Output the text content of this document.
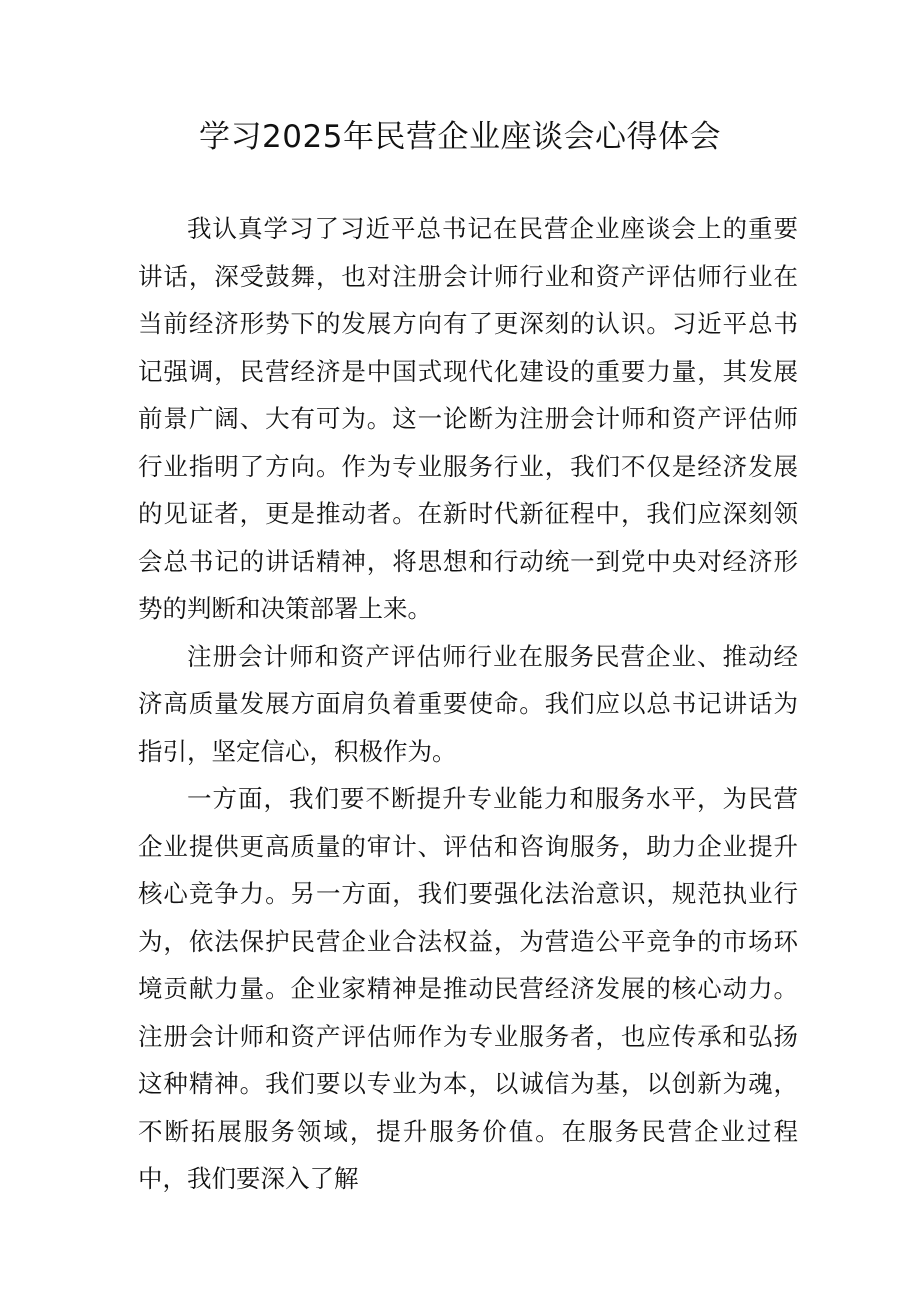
学习2025年民营企业座谈会心得体会

我认真学习了习近平总书记在民营企业座谈会上的重要讲话，深受鼓舞，也对注册会计师行业和资产评估师行业在当前经济形势下的发展方向有了更深刻的认识。习近平总书记强调，民营经济是中国式现代化建设的重要力量，其发展前景广阔、大有可为。这一论断为注册会计师和资产评估师行业指明了方向。作为专业服务行业，我们不仅是经济发展的见证者，更是推动者。在新时代新征程中，我们应深刻领会总书记的讲话精神，将思想和行动统一到党中央对经济形势的判断和决策部署上来。

注册会计师和资产评估师行业在服务民营企业、推动经济高质量发展方面肩负着重要使命。我们应以总书记讲话为指引，坚定信心，积极作为。

一方面，我们要不断提升专业能力和服务水平，为民营企业提供更高质量的审计、评估和咨询服务，助力企业提升核心竞争力。另一方面，我们要强化法治意识，规范执业行为，依法保护民营企业合法权益，为营造公平竞争的市场环境贡献力量。企业家精神是推动民营经济发展的核心动力。注册会计师和资产评估师作为专业服务者，也应传承和弘扬这种精神。我们要以专业为本，以诚信为基，以创新为魂，不断拓展服务领域，提升服务价值。在服务民营企业过程中，我们要深入了解
